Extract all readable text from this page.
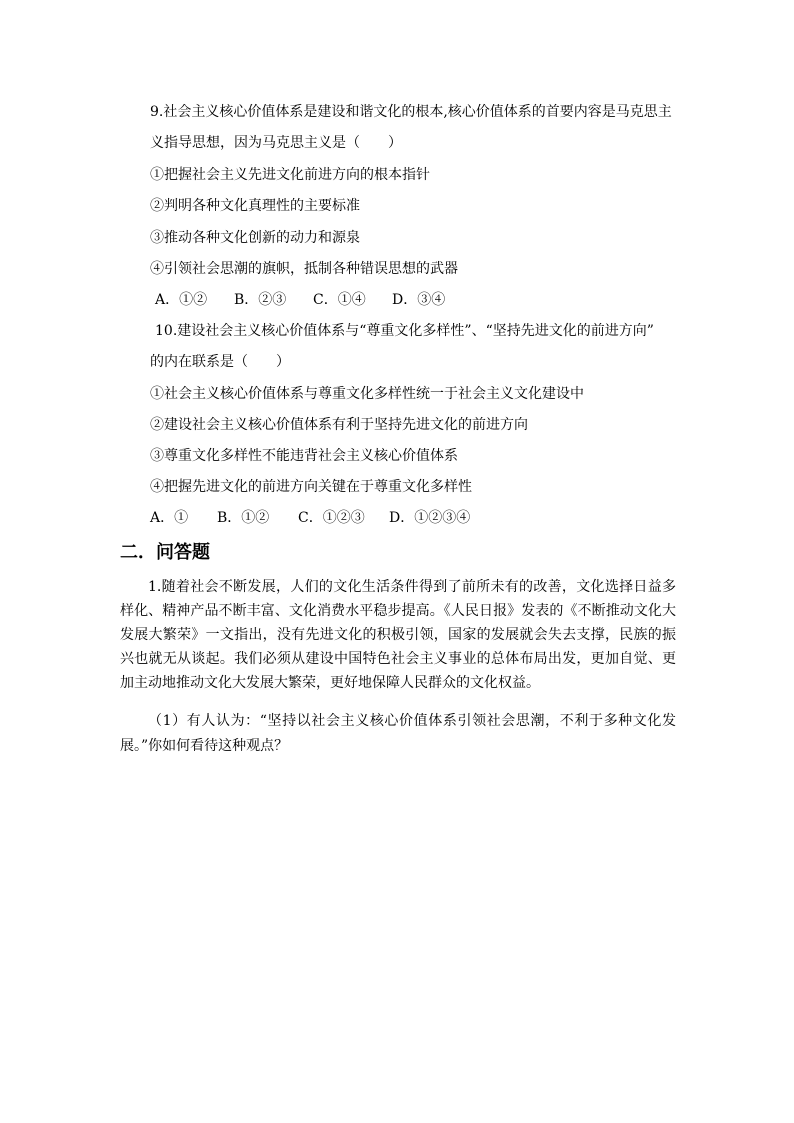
9.社会主义核心价值体系是建设和谐文化的根本,核心价值体系的首要内容是马克思主
义指导思想，因为马克思主义是（　　）
①把握社会主义先进文化前进方向的根本指针
②判明各种文化真理性的主要标准
③推动各种文化创新的动力和源泉
④引领社会思潮的旗帜，抵制各种错误思想的武器
A．①② B．②③ C．①④ D．③④
10.建设社会主义核心价值体系与“尊重文化多样性”、“坚持先进文化的前进方向”
的内在联系是（　　）
①社会主义核心价值体系与尊重文化多样性统一于社会主义文化建设中
②建设社会主义核心价值体系有利于坚持先进文化的前进方向
③尊重文化多样性不能违背社会主义核心价值体系
④把握先进文化的前进方向关键在于尊重文化多样性
A．① B．①② C．①②③ D．①②③④
二．问答题
1.随着社会不断发展，人们的文化生活条件得到了前所未有的改善，文化选择日益多样化、精神产品不断丰富、文化消费水平稳步提高。《人民日报》发表的《不断推动文化大发展大繁荣》一文指出，没有先进文化的积极引领，国家的发展就会失去支撑，民族的振兴也就无从谈起。我们必须从建设中国特色社会主义事业的总体布局出发，更加自觉、更加主动地推动文化大发展大繁荣，更好地保障人民群众的文化权益。
（1）有人认为：“坚持以社会主义核心价值体系引领社会思潮，不利于多种文化发展。”你如何看待这种观点？
